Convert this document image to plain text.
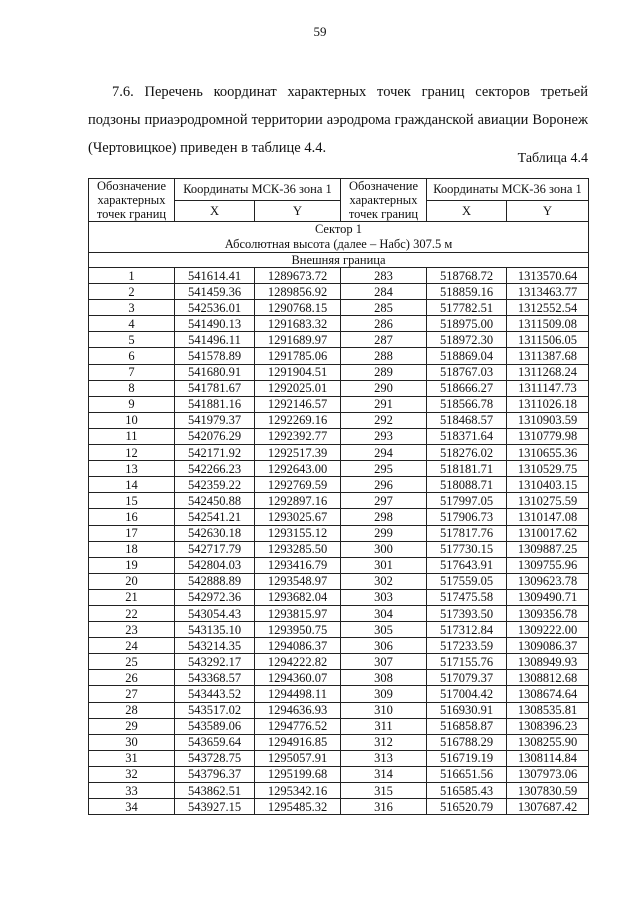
59

7.6. Перечень координат характерных точек границ секторов третьей подзоны приаэродромной территории аэродрома гражданской авиации Воронеж (Чертовицкое) приведен в таблице 4.4.

Таблица 4.4
Обозначение характерных точек границ	Координаты МСК-36 зона 1		Обозначение характерных точек границ	Координаты МСК-36 зона 1	
	X	Y		X	Y

Сектор 1
Абсолютная высота (далее – Набс) 307.5 м					

Внешняя граница					
1	541614.41	1289673.72	283	518768.72	1313570.64
2	541459.36	1289856.92	284	518859.16	1313463.77
3	542536.01	1290768.15	285	517782.51	1312552.54
4	541490.13	1291683.32	286	518975.00	1311509.08
5	541496.11	1291689.97	287	518972.30	1311506.05
6	541578.89	1291785.06	288	518869.04	1311387.68
7	541680.91	1291904.51	289	518767.03	1311268.24
8	541781.67	1292025.01	290	518666.27	1311147.73
9	541881.16	1292146.57	291	518566.78	1311026.18
10	541979.37	1292269.16	292	518468.57	1310903.59
11	542076.29	1292392.77	293	518371.64	1310779.98
12	542171.92	1292517.39	294	518276.02	1310655.36
13	542266.23	1292643.00	295	518181.71	1310529.75
14	542359.22	1292769.59	296	518088.71	1310403.15
15	542450.88	1292897.16	297	517997.05	1310275.59
16	542541.21	1293025.67	298	517906.73	1310147.08
17	542630.18	1293155.12	299	517817.76	1310017.62
18	542717.79	1293285.50	300	517730.15	1309887.25
19	542804.03	1293416.79	301	517643.91	1309755.96
20	542888.89	1293548.97	302	517559.05	1309623.78
21	542972.36	1293682.04	303	517475.58	1309490.71
22	543054.43	1293815.97	304	517393.50	1309356.78
23	543135.10	1293950.75	305	517312.84	1309222.00
24	543214.35	1294086.37	306	517233.59	1309086.37
25	543292.17	1294222.82	307	517155.76	1308949.93
26	543368.57	1294360.07	308	517079.37	1308812.68
27	543443.52	1294498.11	309	517004.42	1308674.64
28	543517.02	1294636.93	310	516930.91	1308535.81
29	543589.06	1294776.52	311	516858.87	1308396.23
30	543659.64	1294916.85	312	516788.29	1308255.90
31	543728.75	1295057.91	313	516719.19	1308114.84
32	543796.37	1295199.68	314	516651.56	1307973.06
33	543862.51	1295342.16	315	516585.43	1307830.59
34	543927.15	1295485.32	316	516520.79	1307687.42
